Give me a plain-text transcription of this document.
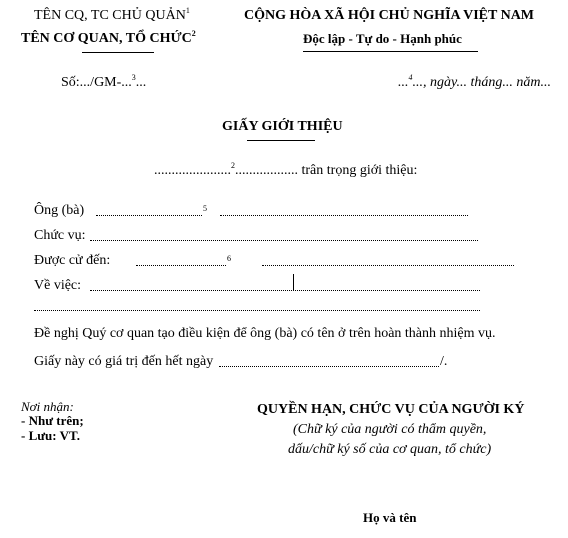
TÊN CQ, TC CHỦ QUẢN$^1$
TÊN CƠ QUAN, TỔ CHỨC$^2$
Số:.../GM-...$^3$...
CỘNG HÒA XÃ HỘI CHỦ NGHĨA VIỆT NAM
Độc lập - Tự do - Hạnh phúc
...$^4$..., ngày... tháng... năm...
GIẤY GIỚI THIỆU
......................$^2$.................. trân trọng giới thiệu:
Ông (bà)	5
Chức vụ:
Được cử đến:	6
Về việc:
Đề nghị Quý cơ quan tạo điều kiện để ông (bà) có tên ở trên hoàn thành nhiệm vụ.
Giấy này có giá trị đến hết ngày	/.
Nơi nhận:
- Như trên;
- Lưu: VT.
QUYỀN HẠN, CHỨC VỤ CỦA NGƯỜI KÝ
(Chữ ký của người có thẩm quyền,
dấu/chữ ký số của cơ quan, tổ chức)
Họ và tên
